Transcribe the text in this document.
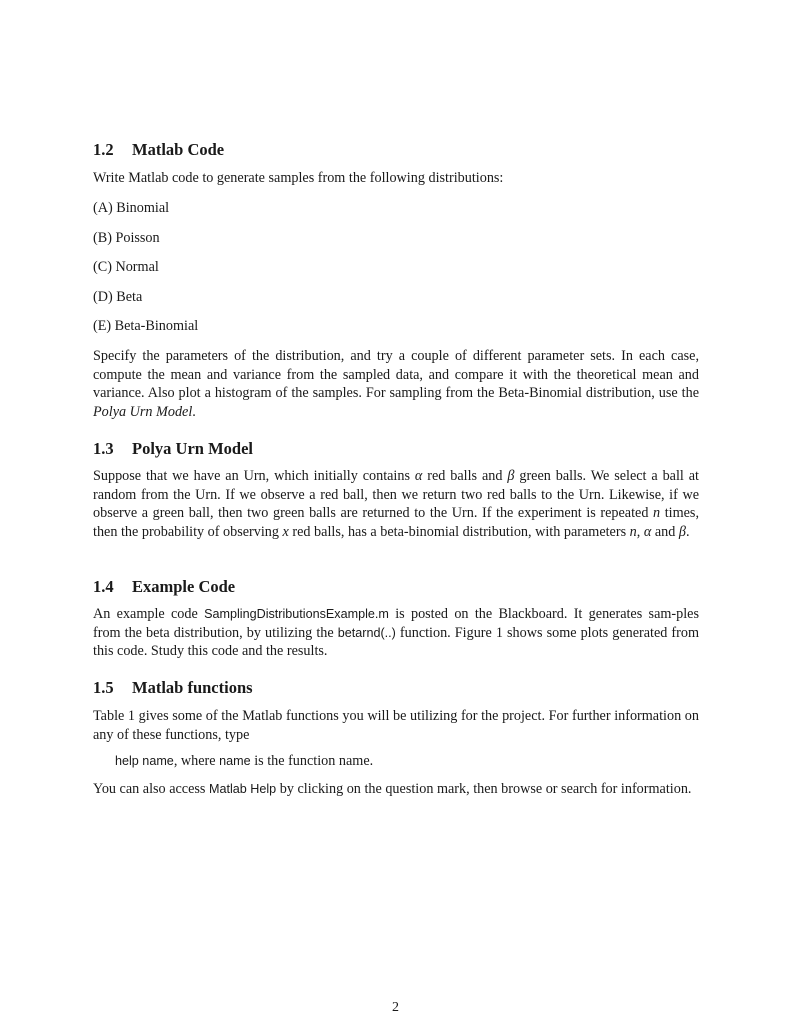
1.2 Matlab Code
Write Matlab code to generate samples from the following distributions:
(A) Binomial
(B) Poisson
(C) Normal
(D) Beta
(E) Beta-Binomial
Specify the parameters of the distribution, and try a couple of different parameter sets. In each case, compute the mean and variance from the sampled data, and compare it with the theoretical mean and variance. Also plot a histogram of the samples. For sampling from the Beta-Binomial distribution, use the Polya Urn Model.
1.3 Polya Urn Model
Suppose that we have an Urn, which initially contains α red balls and β green balls. We select a ball at random from the Urn. If we observe a red ball, then we return two red balls to the Urn. Likewise, if we observe a green ball, then two green balls are returned to the Urn. If the experiment is repeated n times, then the probability of observing x red balls, has a beta-binomial distribution, with parameters n, α and β.
1.4 Example Code
An example code SamplingDistributionsExample.m is posted on the Blackboard. It generates sam-ples from the beta distribution, by utilizing the betarnd(..) function. Figure 1 shows some plots generated from this code. Study this code and the results.
1.5 Matlab functions
Table 1 gives some of the Matlab functions you will be utilizing for the project. For further information on any of these functions, type
help name, where name is the function name.
You can also access Matlab Help by clicking on the question mark, then browse or search for information.
2
